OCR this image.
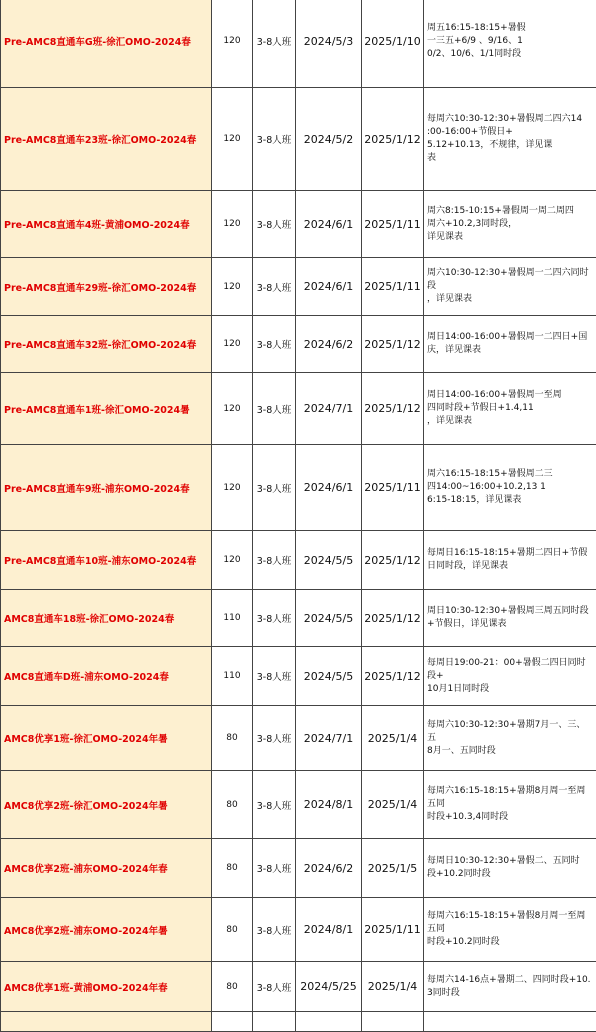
Pre-AMC8直通车G班-徐汇OMO-2024春	120	3-8人班	2024/5/3	2025/1/10	周五16:15-18:15+暑假
一三五+6/9 、9/16、1
0/2、10/6、1/1同时段

Pre-AMC8直通车23班-徐汇OMO-2024春	120	3-8人班	2024/5/2	2025/1/12	每周六10:30-12:30+暑假周二四六14
:00-16:00+节假日+
5.12+10.13，不规律，详见课
表

Pre-AMC8直通车4班-黄浦OMO-2024春	120	3-8人班	2024/6/1	2025/1/11	周六8:15-10:15+暑假周一周二周四
周六+10.2,3同时段，
详见课表

Pre-AMC8直通车29班-徐汇OMO-2024春	120	3-8人班	2024/6/1	2025/1/11	周六10:30-12:30+暑假周一二四六同时段
，详见课表

Pre-AMC8直通车32班-徐汇OMO-2024春	120	3-8人班	2024/6/2	2025/1/12	周日14:00-16:00+暑假周一二四日+国
庆，详见课表

Pre-AMC8直通车1班-徐汇OMO-2024暑	120	3-8人班	2024/7/1	2025/1/12	周日14:00-16:00+暑假周一至周
四同时段+节假日+1.4,11
，详见课表

Pre-AMC8直通车9班-浦东OMO-2024春	120	3-8人班	2024/6/1	2025/1/11	周六16:15-18:15+暑假周二三
四14:00~16:00+10.2,13 1
6:15-18:15，详见课表

Pre-AMC8直通车10班-浦东OMO-2024春	120	3-8人班	2024/5/5	2025/1/12	每周日16:15-18:15+暑期二四日+节假
日同时段，详见课表

AMC8直通车18班-徐汇OMO-2024春	110	3-8人班	2024/5/5	2025/1/12	周日10:30-12:30+暑假周三周五同时段
+节假日，详见课表

AMC8直通车D班-浦东OMO-2024春	110	3-8人班	2024/5/5	2025/1/12	每周日19:00-21：00+暑假二四日同时段+
10月1日同时段

AMC8优享1班-徐汇OMO-2024年暑	80	3-8人班	2024/7/1	2025/1/4	每周六10:30-12:30+暑期7月一、三、五
8月一、五同时段

AMC8优享2班-徐汇OMO-2024年暑	80	3-8人班	2024/8/1	2025/1/4	每周六16:15-18:15+暑期8月周一至周五同
时段+10.3,4同时段

AMC8优享2班-浦东OMO-2024年春	80	3-8人班	2024/6/2	2025/1/5	每周日10:30-12:30+暑假二、五同时
段+10.2同时段

AMC8优享2班-浦东OMO-2024年暑	80	3-8人班	2024/8/1	2025/1/11	每周六16:15-18:15+暑假8月周一至周五同
时段+10.2同时段

AMC8优享1班-黄浦OMO-2024年春	80	3-8人班	2024/5/25	2025/1/4	每周六14-16点+暑期二、四同时段+10.
3同时段
